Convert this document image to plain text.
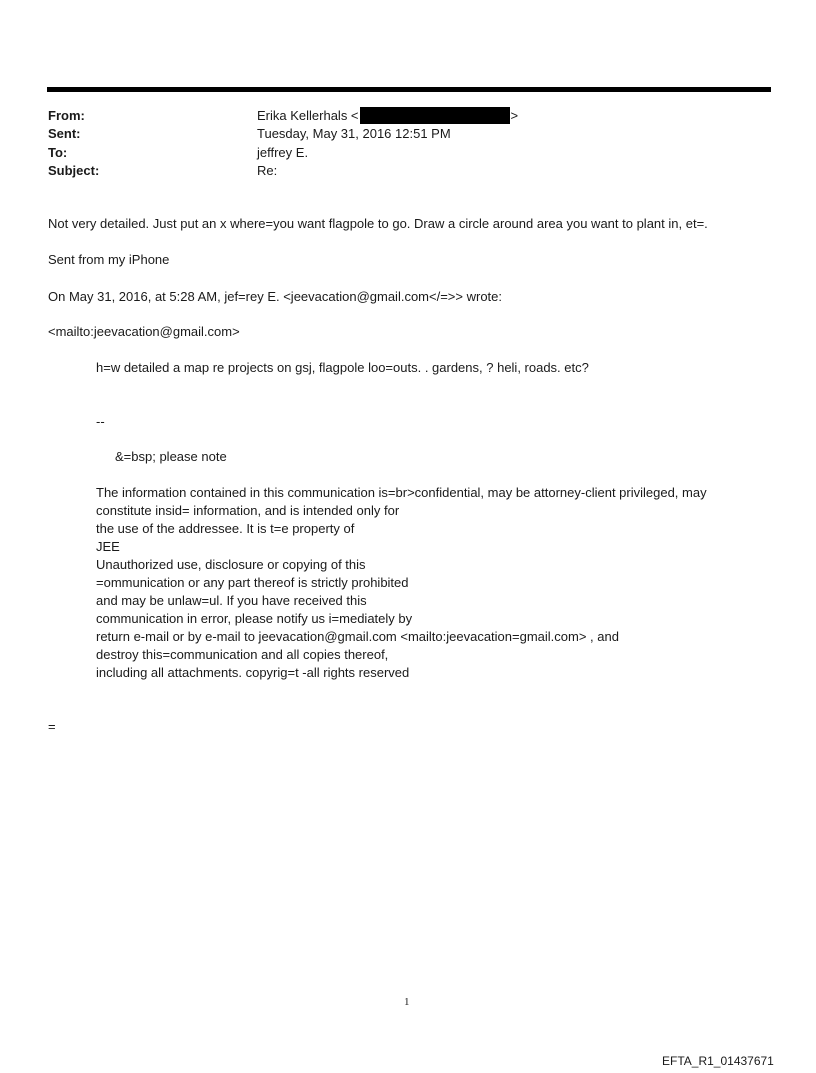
From:	Erika Kellerhals <	>
Sent:	Tuesday, May 31, 2016 12:51 PM
To:	jeffrey E.
Subject:	Re:
Not very detailed. Just put an x where=you want flagpole to go. Draw a circle around area you want to plant in, et=.
Sent from my iPhone
On May 31, 2016, at 5:28 AM, jef=rey E. <jeevacation@gmail.com</=>> wrote:
<mailto:jeevacation@gmail.com>
h=w detailed a map re projects on gsj, flagpole loo=outs. . gardens, ? heli, roads. etc?
--
&=bsp; please note
The information contained in this communication is=br>confidential, may be attorney-client privileged, may
constitute insid= information, and is intended only for
the use of the addressee. It is t=e property of
JEE
Unauthorized use, disclosure or copying of this
=ommunication or any part thereof is strictly prohibited
and may be unlaw=ul. If you have received this
communication in error, please notify us i=mediately by
return e-mail or by e-mail to jeevacation@gmail.com <mailto:jeevacation=gmail.com> , and
destroy this=communication and all copies thereof,
including all attachments. copyrig=t -all rights reserved
=
1
EFTA_R1_01437671
